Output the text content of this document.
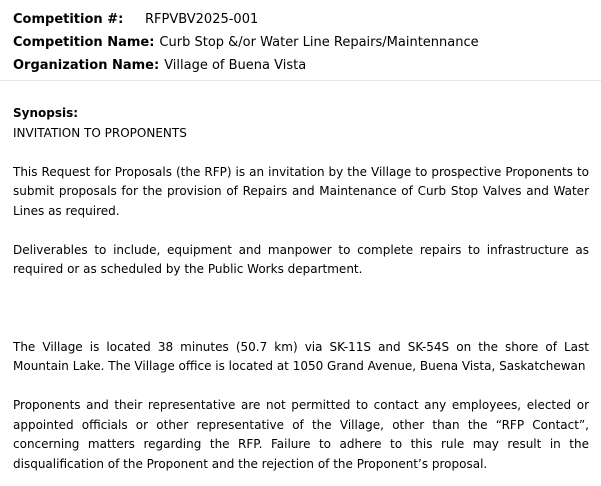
Competition #:	RFPVBV2025-001
Competition Name: Curb Stop &/or Water Line Repairs/Maintennance
Organization Name: Village of Buena Vista

Synopsis:

INVITATION TO PROPONENTS

This Request for Proposals (the RFP) is an invitation by the Village to prospective Proponents to submit proposals for the provision of Repairs and Maintenance of Curb Stop Valves and Water Lines as required.

Deliverables to include, equipment and manpower to complete repairs to infrastructure as required or as scheduled by the Public Works department.

The Village is located 38 minutes (50.7 km) via SK-11S and SK-54S on the shore of Last Mountain Lake. The Village office is located at 1050 Grand Avenue, Buena Vista, Saskatchewan

Proponents and their representative are not permitted to contact any employees, elected or appointed officials or other representative of the Village, other than the “RFP Contact”, concerning matters regarding the RFP. Failure to adhere to this rule may result in the disqualification of the Proponent and the rejection of the Proponent’s proposal.
